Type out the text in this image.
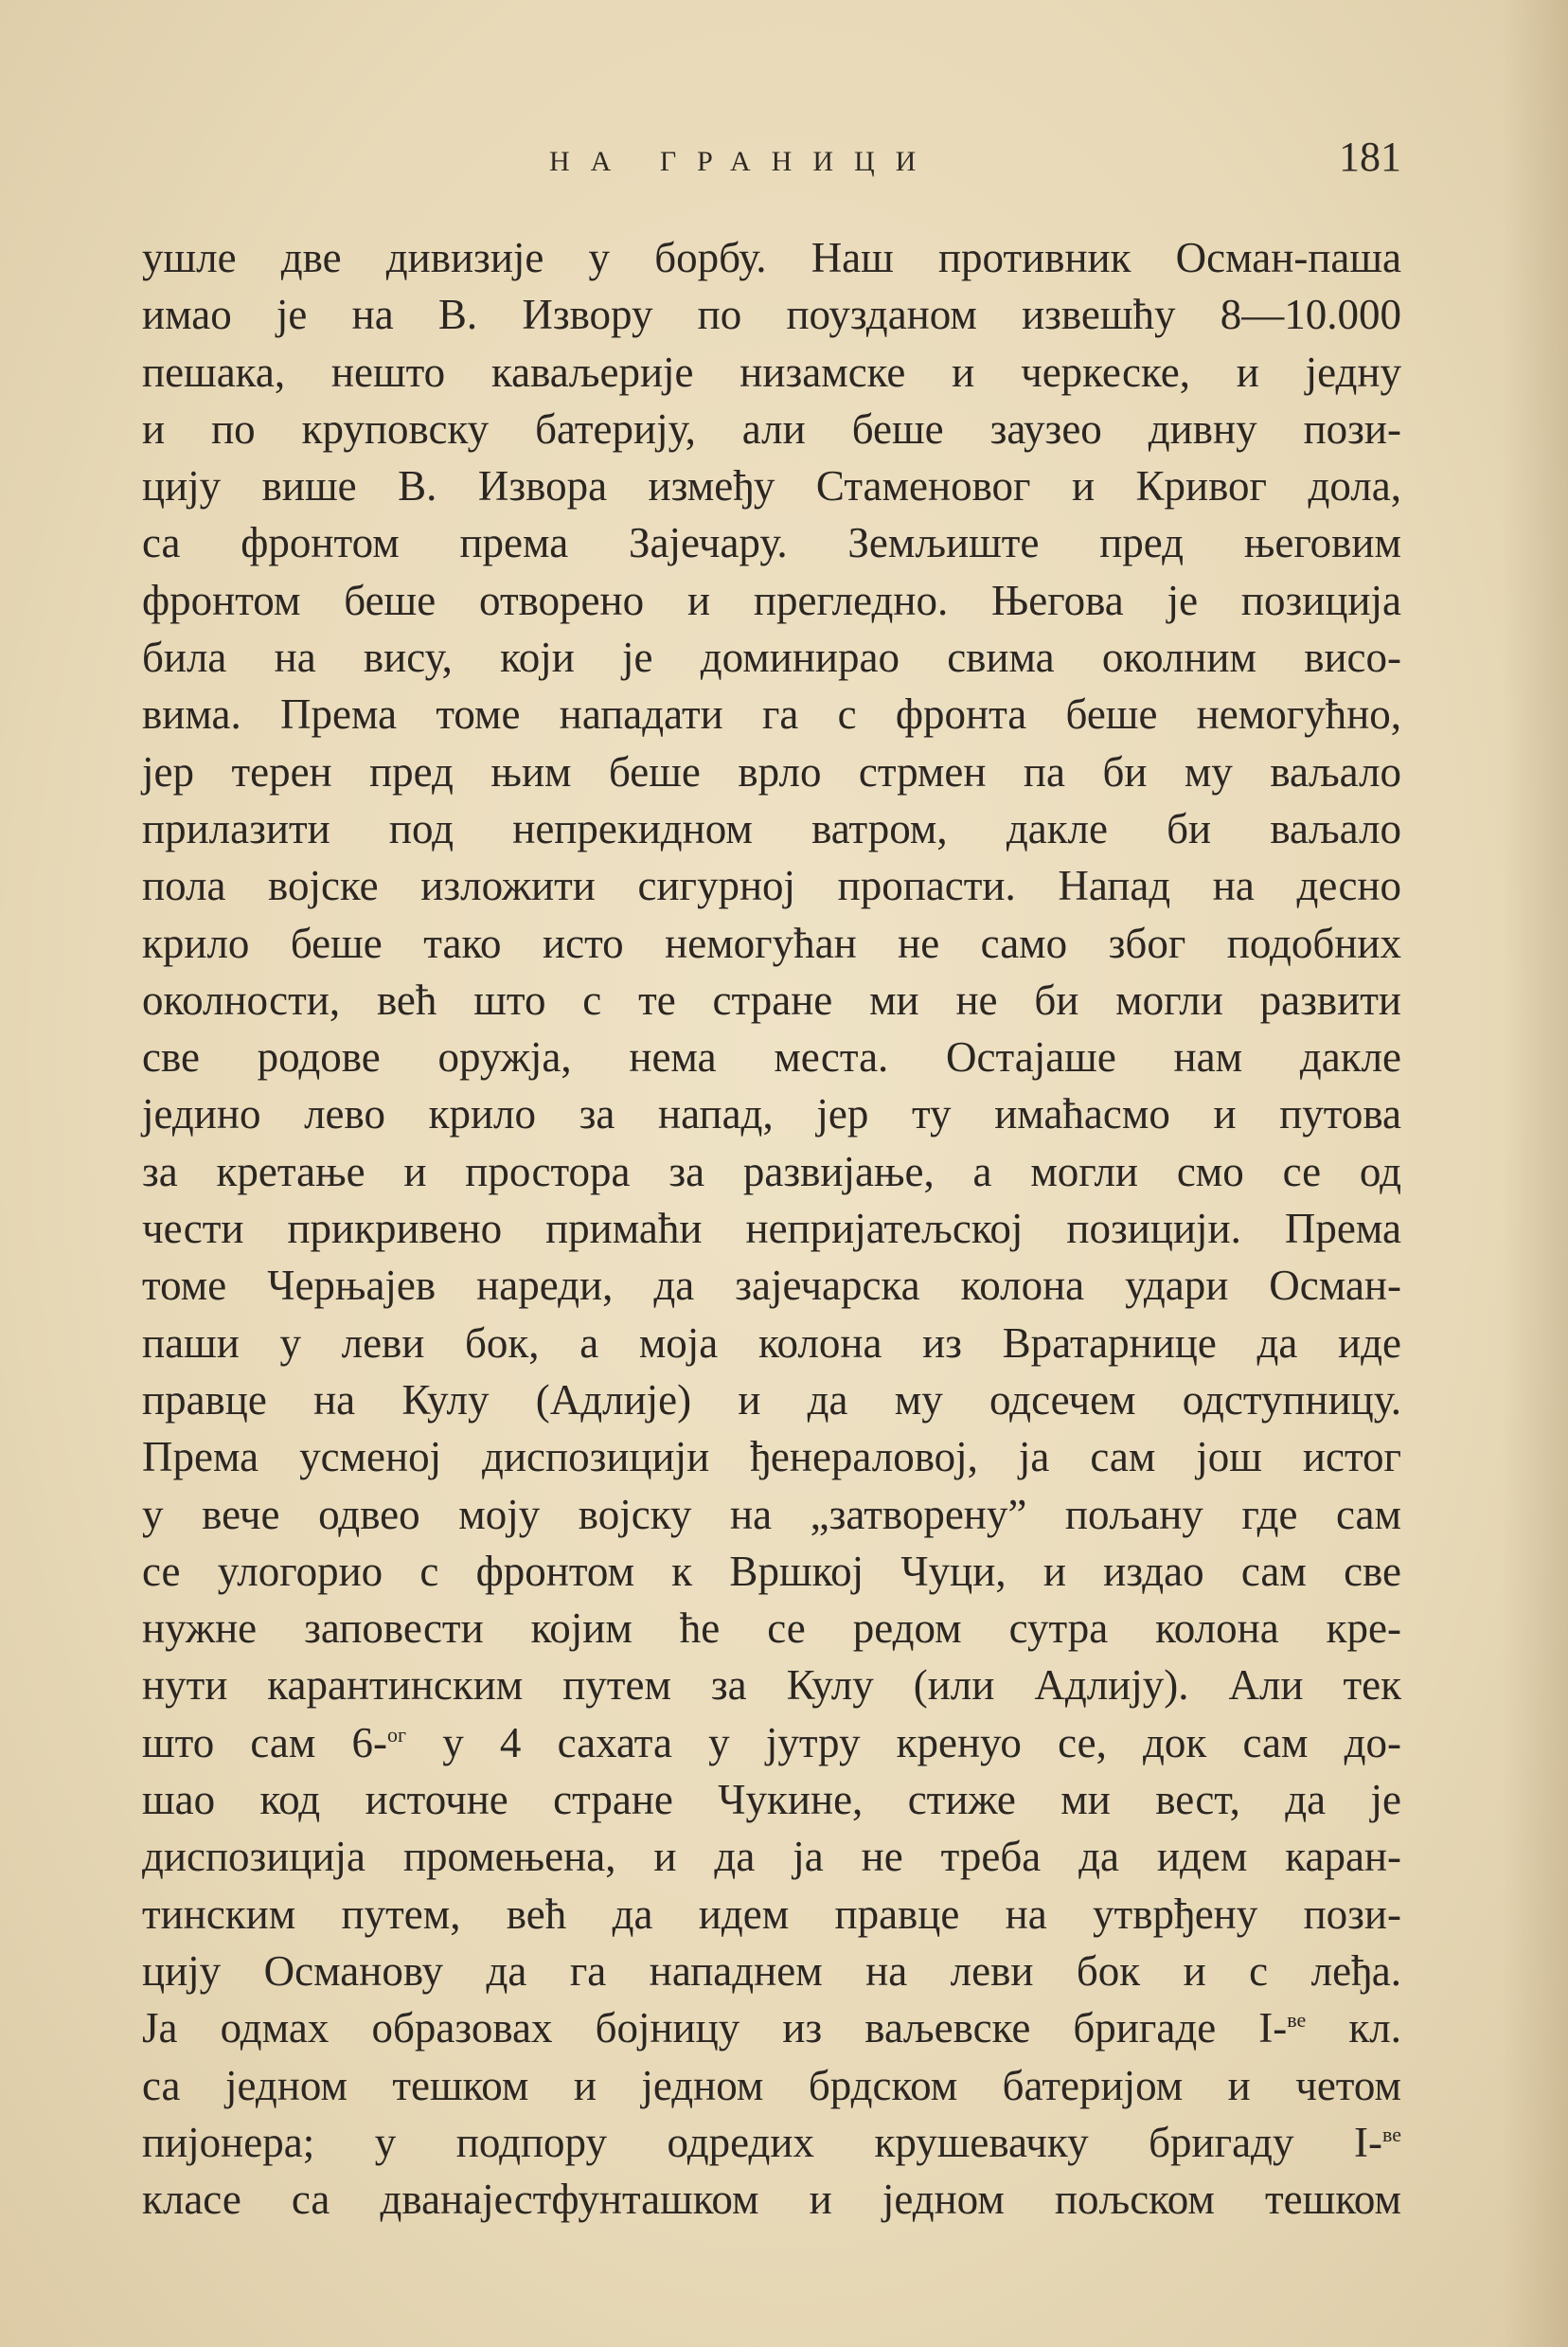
НА ГРАНИЦИ	181
ушле две дивизије у борбу. Наш противник Осман-паша
имао је на В. Извору по поузданом извешћу 8—10.000
пешака, нешто каваљерије низамске и черкеске, и једну
и по круповску батерију, али беше заузео дивну пози-
цију више В. Извора између Стаменовог и Кривог дола,
са фронтом према Зајечару. Земљиште пред његовим
фронтом беше отворено и прегледно. Његова је позиција
била на вису, који је доминирао свима околним висо-
вима. Према томе нападати га с фронта беше немогућно,
јер терен пред њим беше врло стрмен па би му ваљало
прилазити под непрекидном ватром, дакле би ваљало
пола војске изложити сигурној пропасти. Напад на десно
крило беше тако исто немогућан не само због подобних
околности, већ што с те стране ми не би могли развити
све родове оружја, нема места. Остајаше нам дакле
једино лево крило за напад, јер ту имаћасмо и путова
за кретање и простора за развијање, а могли смо се од
чести прикривено примаћи непријатељској позицији. Према
томе Черњајев нареди, да зајечарска колона удари Осман-
паши у леви бок, а моја колона из Вратарнице да иде
правце на Кулу (Адлије) и да му одсечем одступницу.
Према усменој диспозицији ђенераловој, ја сам још истог
у вече одвео моју војску на „затворену” пољану где сам
се улогорио с фронтом к Вршкој Чуци, и издао сам све
нужне заповести којим ће се редом сутра колона кре-
нути карантинским путем за Кулу (или Адлију). Али тек
што сам 6-$^{ог}$ у 4 сахата у јутру кренуо се, док сам до-
шао код источне стране Чукине, стиже ми вест, да је
диспозиција промењена, и да ја не треба да идем каран-
тинским путем, већ да идем правце на утврђену пози-
цију Османову да га нападнем на леви бок и с леђа.
Ја одмах образовах бојницу из ваљевске бригаде I-$^{ве}$ кл.
са једном тешком и једном брдском батеријом и четом
пијонера; у подпору одредих крушевачку бригаду I-$^{ве}$
класе са дванајестфунташком и једном пољском тешком
